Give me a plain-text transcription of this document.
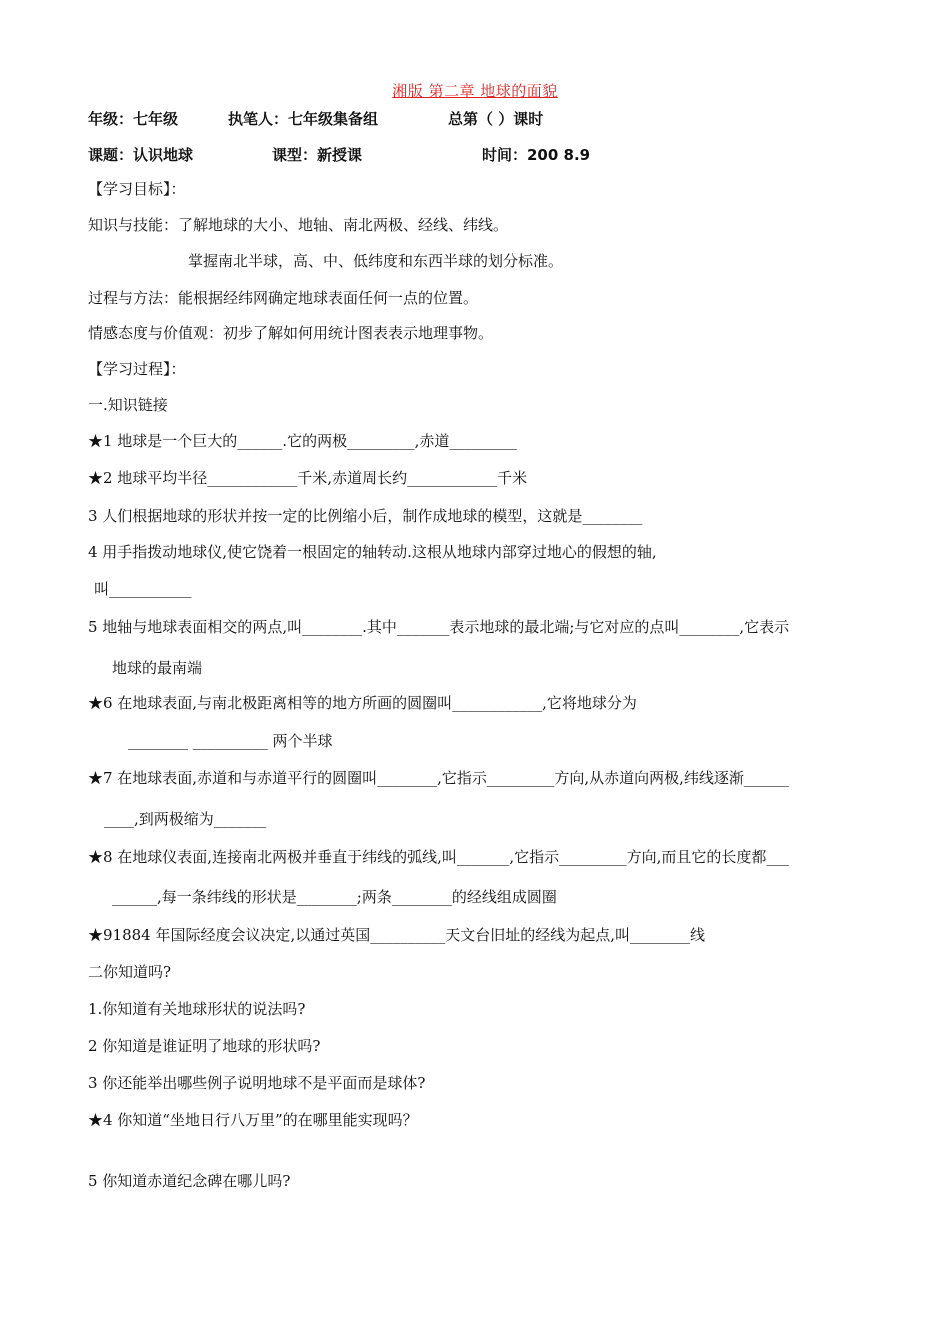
湘版 第二章 地球的面貌
年级：七年级	执笔人：七年级集备组	总第（ ）课时
课题：认识地球	课型：新授课	时间：200 8.9
【学习目标】：
知识与技能：了解地球的大小、地轴、南北两极、经线、纬线。
掌握南北半球，高、中、低纬度和东西半球的划分标准。
过程与方法：能根据经纬网确定地球表面任何一点的位置。
情感态度与价值观：初步了解如何用统计图表表示地理事物。
【学习过程】：
一.知识链接
★1 地球是一个巨大的______.它的两极_________,赤道_________
★2 地球平均半径____________千米,赤道周长约____________千米
3 人们根据地球的形状并按一定的比例缩小后，制作成地球的模型，这就是________
4 用手指拨动地球仪,使它饶着一根固定的轴转动.这根从地球内部穿过地心的假想的轴,
叫___________
5 地轴与地球表面相交的两点,叫________.其中_______表示地球的最北端;与它对应的点叫________,它表示
地球的最南端
★6 在地球表面,与南北极距离相等的地方所画的圆圈叫____________,它将地球分为
________ __________ 两个半球
★7 在地球表面,赤道和与赤道平行的圆圈叫________,它指示_________方向,从赤道向两极,纬线逐渐______
____,到两极缩为_______
★8 在地球仪表面,连接南北两极并垂直于纬线的弧线,叫_______,它指示_________方向,而且它的长度都___
______,每一条纬线的形状是________;两条________的经线组成圆圈
★91884 年国际经度会议决定,以通过英国__________天文台旧址的经线为起点,叫________线
二你知道吗?
1.你知道有关地球形状的说法吗?
2 你知道是谁证明了地球的形状吗?
3 你还能举出哪些例子说明地球不是平面而是球体?
★4 你知道“坐地日行八万里”的在哪里能实现吗？
5 你知道赤道纪念碑在哪儿吗?
